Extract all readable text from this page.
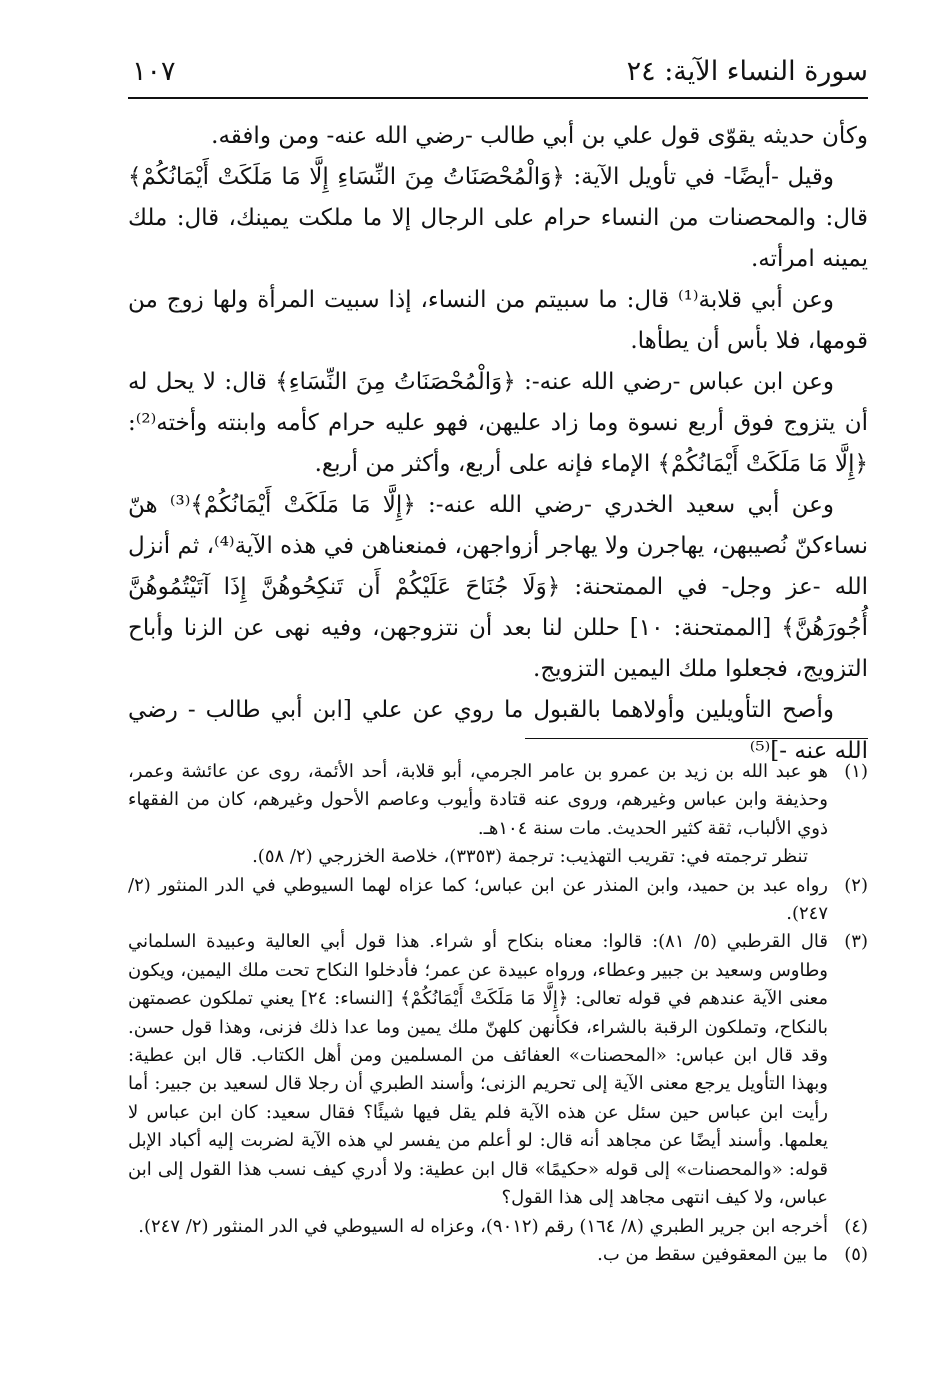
سورة النساء الآية: ٢٤
١٠٧

وكأن حديثه يقوّى قول علي بن أبي طالب -رضي الله عنه- ومن وافقه.

وقيل -أيضًا- في تأويل الآية: ﴿وَالْمُحْصَنَاتُ مِنَ النِّسَاءِ إِلَّا مَا مَلَكَتْ أَيْمَانُكُمْ﴾ قال: والمحصنات من النساء حرام على الرجال إلا ما ملكت يمينك، قال: ملك يمينه امرأته.

وعن أبي قلابة⁽¹⁾ قال: ما سبيتم من النساء، إذا سبيت المرأة ولها زوج من قومها، فلا بأس أن يطأها.

وعن ابن عباس -رضي الله عنه-: ﴿وَالْمُحْصَنَاتُ مِنَ النِّسَاءِ﴾ قال: لا يحل له أن يتزوج فوق أربع نسوة وما زاد عليهن، فهو عليه حرام كأمه وابنته وأخته⁽²⁾: ﴿إِلَّا مَا مَلَكَتْ أَيْمَانُكُمْ﴾ الإماء فإنه على أربع، وأكثر من أربع.

وعن أبي سعيد الخدري -رضي الله عنه-: ﴿إِلَّا مَا مَلَكَتْ أَيْمَانُكُمْ﴾⁽³⁾ هنّ نساءكنّ نُصيبهن، يهاجرن ولا يهاجر أزواجهن، فمنعناهن في هذه الآية⁽⁴⁾، ثم أنزل الله -عز وجل- في الممتحنة: ﴿وَلَا جُنَاحَ عَلَيْكُمْ أَن تَنكِحُوهُنَّ إِذَا آتَيْتُمُوهُنَّ أُجُورَهُنَّ﴾ [الممتحنة: ١٠] حللن لنا بعد أن نتزوجهن، وفيه نهى عن الزنا وأباح التزويج، فجعلوا ملك اليمين التزويج.

وأصح التأويلين وأولاهما بالقبول ما روي عن علي [ابن أبي طالب - رضي الله عنه -]⁽⁵⁾

(١)

هو عبد الله بن زيد بن عمرو بن عامر الجرمي، أبو قلابة، أحد الأئمة، روى عن عائشة وعمر، وحذيفة وابن عباس وغيرهم، وروى عنه قتادة وأيوب وعاصم الأحول وغيرهم، كان من الفقهاء ذوي الألباب، ثقة كثير الحديث. مات سنة ١٠٤هـ.

تنظر ترجمته في: تقريب التهذيب: ترجمة (٣٣٥٣)، خلاصة الخزرجي (٢/ ٥٨).

(٢)

رواه عبد بن حميد، وابن المنذر عن ابن عباس؛ كما عزاه لهما السيوطي في الدر المنثور (٢/ ٢٤٧).

(٣)

قال القرطبي (٥/ ٨١): قالوا: معناه بنكاح أو شراء. هذا قول أبي العالية وعبيدة السلماني وطاوس وسعيد بن جبير وعطاء، ورواه عبيدة عن عمر؛ فأدخلوا النكاح تحت ملك اليمين، ويكون معنى الآية عندهم في قوله تعالى: ﴿إِلَّا مَا مَلَكَتْ أَيْمَانُكُمْ﴾ [النساء: ٢٤] يعني تملكون عصمتهن بالنكاح، وتملكون الرقبة بالشراء، فكأنهن كلهنّ ملك يمين وما عدا ذلك فزنى، وهذا قول حسن. وقد قال ابن عباس: «المحصنات» العفائف من المسلمين ومن أهل الكتاب. قال ابن عطية: وبهذا التأويل يرجع معنى الآية إلى تحريم الزنى؛ وأسند الطبري أن رجلا قال لسعيد بن جبير: أما رأيت ابن عباس حين سئل عن هذه الآية فلم يقل فيها شيئًا؟ فقال سعيد: كان ابن عباس لا يعلمها. وأسند أيضًا عن مجاهد أنه قال: لو أعلم من يفسر لي هذه الآية لضربت إليه أكباد الإبل قوله: «والمحصنات» إلى قوله «حكيمًا» قال ابن عطية: ولا أدري كيف نسب هذا القول إلى ابن عباس، ولا كيف انتهى مجاهد إلى هذا القول؟

(٤)

أخرجه ابن جرير الطبري (٨/ ١٦٤) رقم (٩٠١٢)، وعزاه له السيوطي في الدر المنثور (٢/ ٢٤٧).

(٥)

ما بين المعقوفين سقط من ب.
